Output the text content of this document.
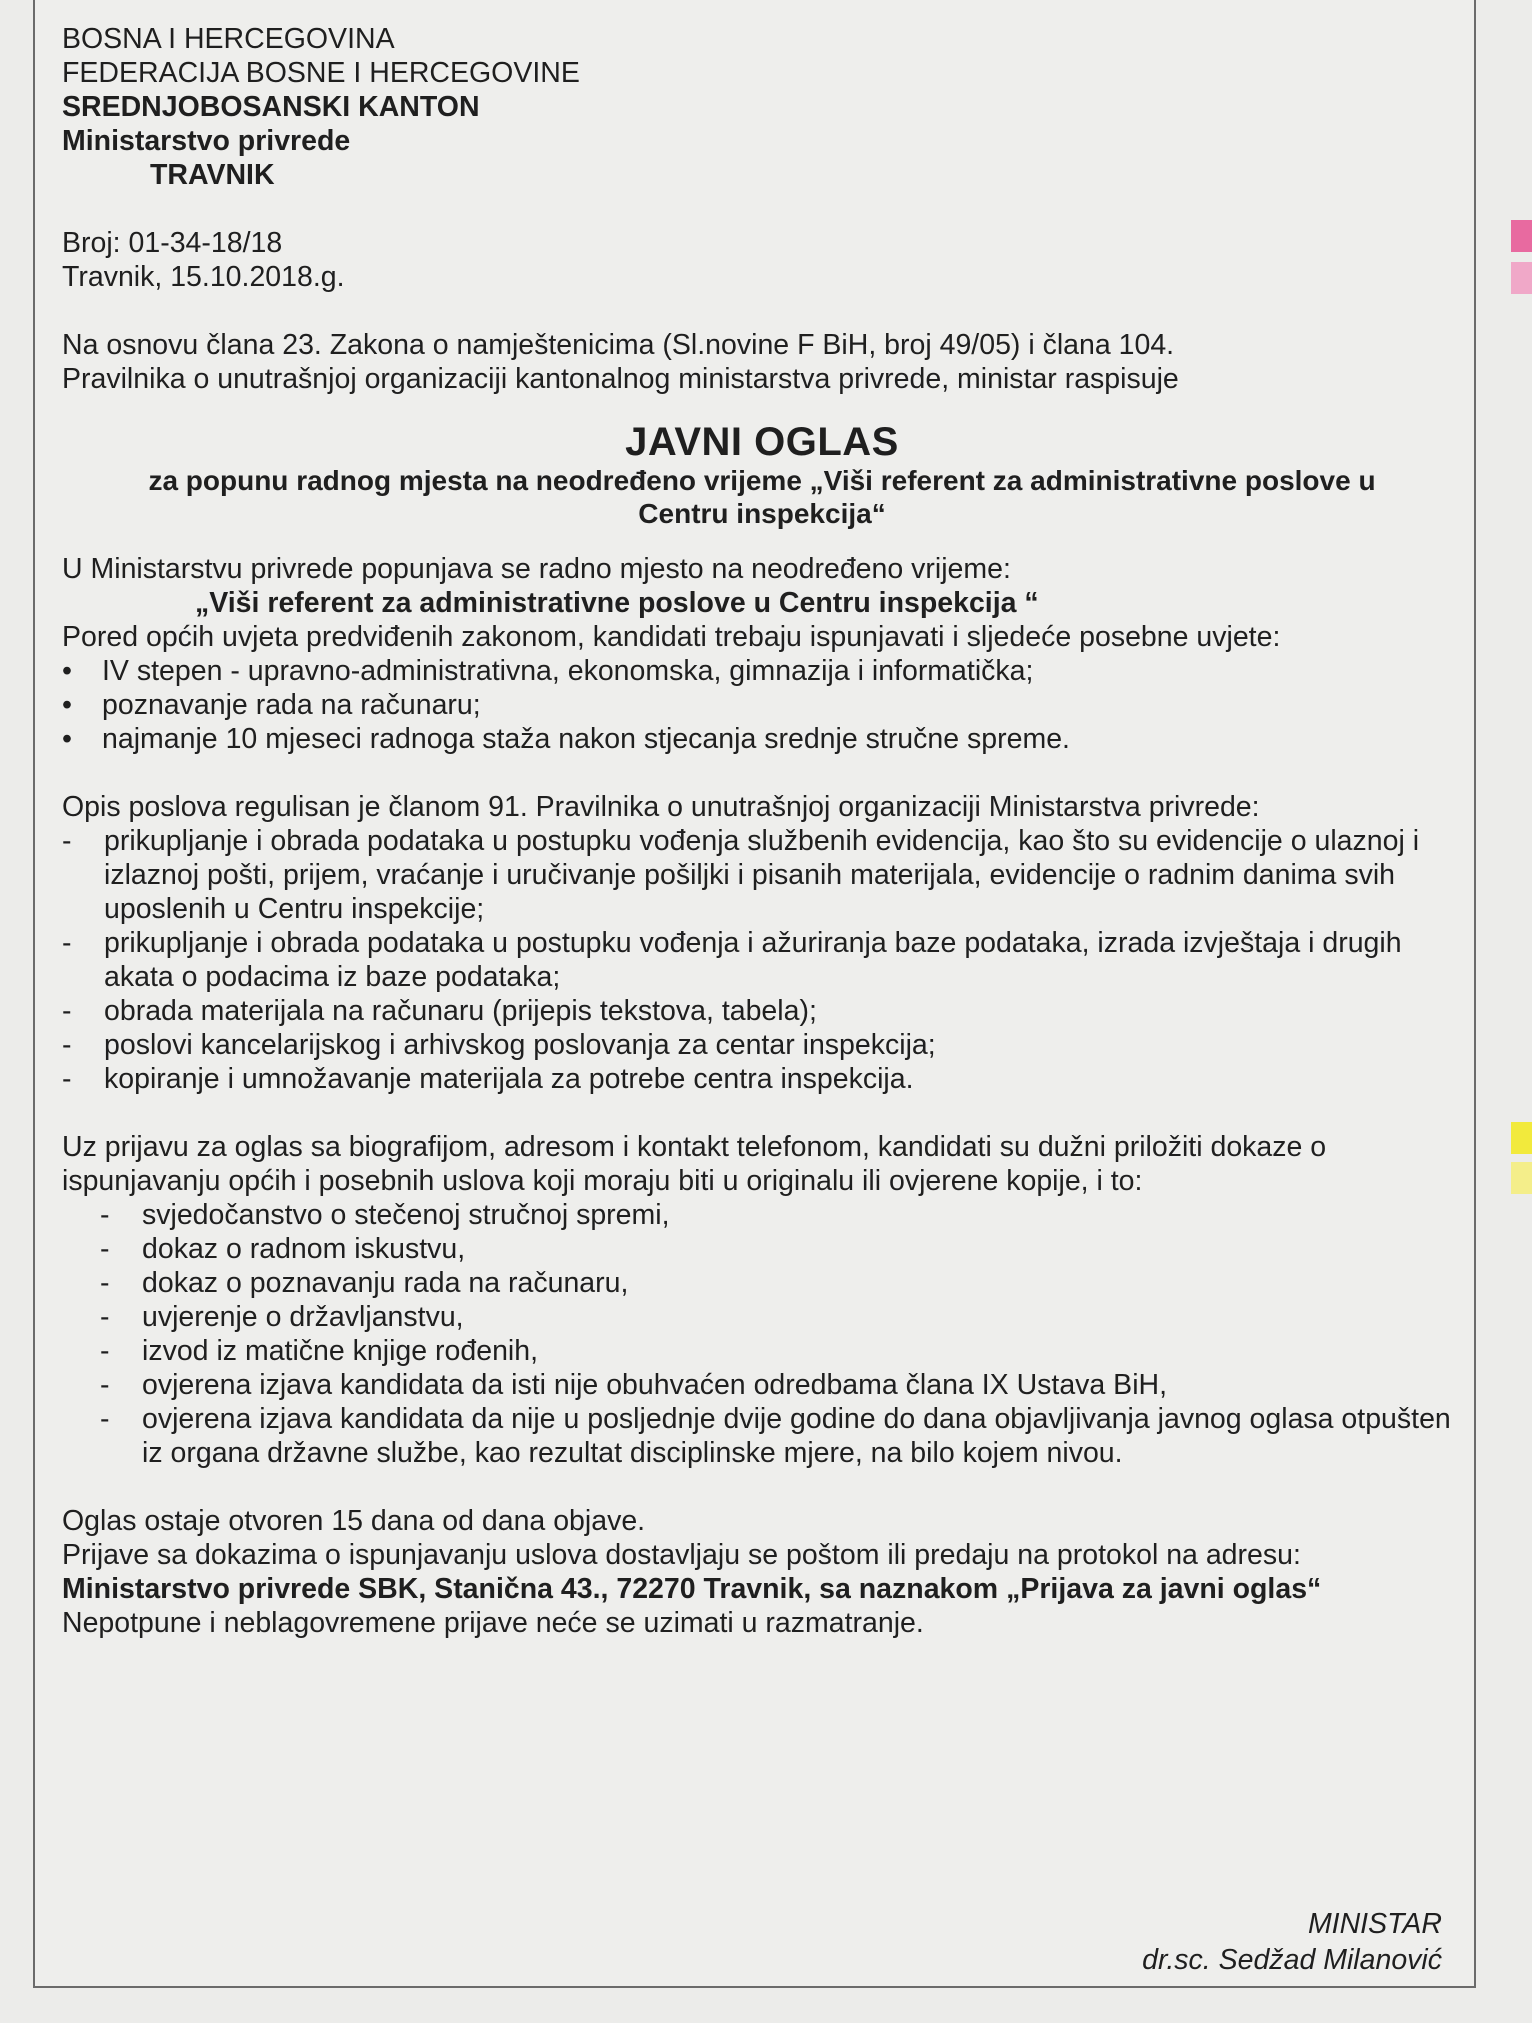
BOSNA I HERCEGOVINA

FEDERACIJA BOSNE I HERCEGOVINE

SREDNJOBOSANSKI KANTON

Ministarstvo privrede

TRAVNIK

Broj: 01-34-18/18

Travnik, 15.10.2018.g.

Na osnovu člana 23. Zakona o namještenicima (Sl.novine F BiH, broj 49/05) i člana 104.

Pravilnika o unutrašnjoj organizaciji kantonalnog ministarstva privrede, ministar raspisuje

JAVNI OGLAS
za popunu radnog mjesta na neodređeno vrijeme „Viši referent za administrativne poslove u
Centru inspekcija“

U Ministarstvu privrede popunjava se radno mjesto na neodređeno vrijeme:

„Viši referent za administrativne poslove u Centru inspekcija “

Pored općih uvjeta predviđenih zakonom, kandidati trebaju ispunjavati i sljedeće posebne uvjete:

•	IV stepen - upravno-administrativna, ekonomska, gimnazija i informatička;
•	poznavanje rada na računaru;
•	najmanje 10 mjeseci radnoga staža nakon stjecanja srednje stručne spreme.

Opis poslova regulisan je članom 91. Pravilnika o unutrašnjoj organizaciji Ministarstva privrede:

- prikupljanje i obrada podataka u postupku vođenja službenih evidencija, kao što su evidencije o ulaznoj i izlaznoj pošti, prijem, vraćanje i uručivanje pošiljki i pisanih materijala, evidencije o radnim danima svih uposlenih u Centru inspekcije;
- prikupljanje i obrada podataka u postupku vođenja i ažuriranja baze podataka, izrada izvještaja i drugih akata o podacima iz baze podataka;
- obrada materijala na računaru (prijepis tekstova, tabela);
- poslovi kancelarijskog i arhivskog poslovanja za centar inspekcija;
- kopiranje i umnožavanje materijala za potrebe centra inspekcija.

Uz prijavu za oglas sa biografijom, adresom i kontakt telefonom, kandidati su dužni priložiti dokaze o ispunjavanju općih i posebnih uslova koji moraju biti u originalu ili ovjerene kopije, i to:

- svjedočanstvo o stečenoj stručnoj spremi,
- dokaz o radnom iskustvu,
- dokaz o poznavanju rada na računaru,
- uvjerenje o državljanstvu,
- izvod iz matične knjige rođenih,
- ovjerena izjava kandidata da isti nije obuhvaćen odredbama člana IX Ustava BiH,
- ovjerena izjava kandidata da nije u posljednje dvije godine do dana objavljivanja javnog oglasa otpušten iz organa državne službe, kao rezultat disciplinske mjere, na bilo kojem nivou.

Oglas ostaje otvoren 15 dana od dana objave.

Prijave sa dokazima o ispunjavanju uslova dostavljaju se poštom ili predaju na protokol na adresu: Ministarstvo privrede SBK, Stanična 43., 72270 Travnik, sa naznakom „Prijava za javni oglas“

Nepotpune i neblagovremene prijave neće se uzimati u razmatranje.

MINISTAR
dr.sc. Sedžad Milanović
